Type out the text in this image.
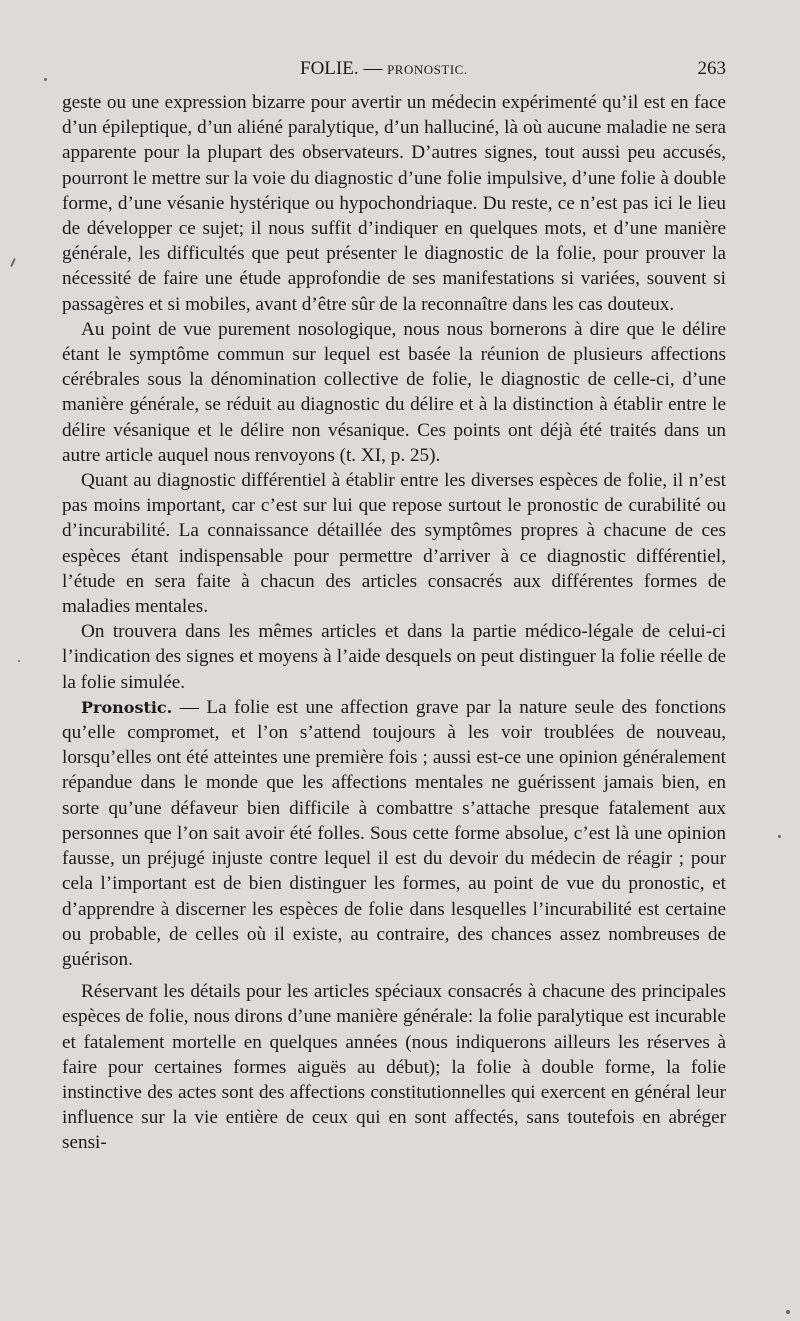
FOLIE. — PRONOSTIC.	263

geste ou une expression bizarre pour avertir un médecin expérimenté qu’il est en face d’un épileptique, d’un aliéné paralytique, d’un halluciné, là où aucune maladie ne sera apparente pour la plupart des observateurs. D’autres signes, tout aussi peu accusés, pourront le mettre sur la voie du diagnostic d’une folie impulsive, d’une folie à double forme, d’une vésanie hystérique ou hypochondriaque. Du reste, ce n’est pas ici le lieu de développer ce sujet; il nous suffit d’indiquer en quelques mots, et d’une manière générale, les difficultés que peut présenter le diagnostic de la folie, pour prouver la nécessité de faire une étude approfondie de ses manifestations si variées, souvent si passagères et si mobiles, avant d’être sûr de la reconnaître dans les cas douteux.

Au point de vue purement nosologique, nous nous bornerons à dire que le délire étant le symptôme commun sur lequel est basée la réunion de plusieurs affections cérébrales sous la dénomination collective de folie, le diagnostic de celle-ci, d’une manière générale, se réduit au diagnostic du délire et à la distinction à établir entre le délire vésanique et le délire non vésanique. Ces points ont déjà été traités dans un autre article auquel nous renvoyons (t. XI, p. 25).

Quant au diagnostic différentiel à établir entre les diverses espèces de folie, il n’est pas moins important, car c’est sur lui que repose surtout le pronostic de curabilité ou d’incurabilité. La connaissance détaillée des symptômes propres à chacune de ces espèces étant indispensable pour permettre d’arriver à ce diagnostic différentiel, l’étude en sera faite à chacun des articles consacrés aux différentes formes de maladies mentales.

On trouvera dans les mêmes articles et dans la partie médico-légale de celui-ci l’indication des signes et moyens à l’aide desquels on peut distinguer la folie réelle de la folie simulée.

Pronostic. — La folie est une affection grave par la nature seule des fonctions qu’elle compromet, et l’on s’attend toujours à les voir troublées de nouveau, lorsqu’elles ont été atteintes une première fois ; aussi est-ce une opinion généralement répandue dans le monde que les affections mentales ne guérissent jamais bien, en sorte qu’une défaveur bien difficile à combattre s’attache presque fatalement aux personnes que l’on sait avoir été folles. Sous cette forme absolue, c’est là une opinion fausse, un préjugé injuste contre lequel il est du devoir du médecin de réagir ; pour cela l’important est de bien distinguer les formes, au point de vue du pronostic, et d’apprendre à discerner les espèces de folie dans lesquelles l’incurabilité est certaine ou probable, de celles où il existe, au contraire, des chances assez nombreuses de guérison.

Réservant les détails pour les articles spéciaux consacrés à chacune des principales espèces de folie, nous dirons d’une manière générale: la folie paralytique est incurable et fatalement mortelle en quelques années (nous indiquerons ailleurs les réserves à faire pour certaines formes aiguës au début); la folie à double forme, la folie instinctive des actes sont des affections constitutionnelles qui exercent en général leur influence sur la vie entière de ceux qui en sont affectés, sans toutefois en abréger sensi-
